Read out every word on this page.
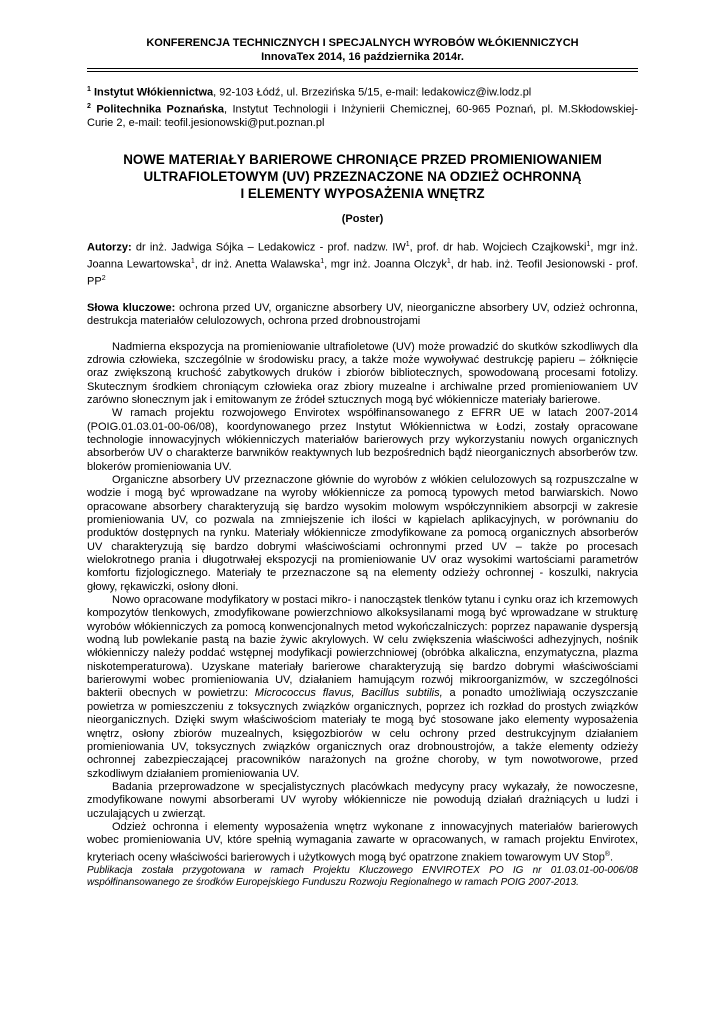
KONFERENCJA TECHNICZNYCH I SPECJALNYCH WYROBÓW WŁÓKIENNICZYCH
InnovaTex 2014, 16 października 2014r.
$^1$ Instytut Włókiennictwa, 92-103 Łódź, ul. Brzezińska 5/15, e-mail: ledakowicz@iw.lodz.pl
$^2$ Politechnika Poznańska, Instytut Technologii i Inżynierii Chemicznej, 60-965 Poznań, pl. M.Skłodowskiej-Curie 2, e-mail: teofil.jesionowski@put.poznan.pl
NOWE MATERIAŁY BARIEROWE CHRONIĄCE PRZED PROMIENIOWANIEM
ULTRAFIOLETOWYM (UV) PRZEZNACZONE NA ODZIEŻ OCHRONNĄ
I ELEMENTY WYPOSAŻENIA WNĘTRZ
(Poster)
Autorzy: dr inż. Jadwiga Sójka – Ledakowicz - prof. nadzw. $IW^1$, prof. dr hab. Wojciech Czajkowski$^1$, mgr inż. Joanna Lewartowska$^1$, dr inż. Anetta Walawska$^1$, mgr inż. Joanna Olczyk$^1$, dr hab. inż. Teofil Jesionowski - prof. $PP^2$
Słowa kluczowe: ochrona przed UV, organiczne absorbery UV, nieorganiczne absorbery UV, odzież ochronna, destrukcja materiałów celulozowych, ochrona przed drobnoustrojami

Nadmierna ekspozycja na promieniowanie ultrafioletowe (UV) może prowadzić do skutków szkodliwych dla zdrowia człowieka, szczególnie w środowisku pracy, a także może wywoływać destrukcję papieru – żółknięcie oraz zwiększoną kruchość zabytkowych druków i zbiorów bibliotecznych, spowodowaną procesami fotolizy. Skutecznym środkiem chroniącym człowieka oraz zbiory muzealne i archiwalne przed promieniowaniem UV zarówno słonecznym jak i emitowanym ze źródeł sztucznych mogą być włókiennicze materiały barierowe.

W ramach projektu rozwojowego Envirotex współfinansowanego z EFRR UE w latach 2007-2014 (POIG.01.03.01-00-06/08), koordynowanego przez Instytut Włókiennictwa w Łodzi, zostały opracowane technologie innowacyjnych włókienniczych materiałów barierowych przy wykorzystaniu nowych organicznych absorberów UV o charakterze barwników reaktywnych lub bezpośrednich bądź nieorganicznych absorberów tzw. blokerów promieniowania UV.

Organiczne absorbery UV przeznaczone głównie do wyrobów z włókien celulozowych są rozpuszczalne w wodzie i mogą być wprowadzane na wyroby włókiennicze za pomocą typowych metod barwiarskich. Nowo opracowane absorbery charakteryzują się bardzo wysokim molowym współczynnikiem absorpcji w zakresie promieniowania UV, co pozwala na zmniejszenie ich ilości w kąpielach aplikacyjnych, w porównaniu do produktów dostępnych na rynku. Materiały włókiennicze zmodyfikowane za pomocą organicznych absorberów UV charakteryzują się bardzo dobrymi właściwościami ochronnymi przed UV – także po procesach wielokrotnego prania i długotrwałej ekspozycji na promieniowanie UV oraz wysokimi wartościami parametrów komfortu fizjologicznego. Materiały te przeznaczone są na elementy odzieży ochronnej - koszulki, nakrycia głowy, rękawiczki, osłony dłoni.

Nowo opracowane modyfikatory w postaci mikro- i nanocząstek tlenków tytanu i cynku oraz ich krzemowych kompozytów tlenkowych, zmodyfikowane powierzchniowo alkoksysilanami mogą być wprowadzane w strukturę wyrobów włókienniczych za pomocą konwencjonalnych metod wykończalniczych: poprzez napawanie dyspersją wodną lub powlekanie pastą na bazie żywic akrylowych. W celu zwiększenia właściwości adhezyjnych, nośnik włókienniczy należy poddać wstępnej modyfikacji powierzchniowej (obróbka alkaliczna, enzymatyczna, plazma niskotemperaturowa). Uzyskane materiały barierowe charakteryzują się bardzo dobrymi właściwościami barierowymi wobec promieniowania UV, działaniem hamującym rozwój mikroorganizmów, w szczególności bakterii obecnych w powietrzu: Micrococcus flavus, Bacillus subtilis, a ponadto umożliwiają oczyszczanie powietrza w pomieszczeniu z toksycznych związków organicznych, poprzez ich rozkład do prostych związków nieorganicznych. Dzięki swym właściwościom materiały te mogą być stosowane jako elementy wyposażenia wnętrz, osłony zbiorów muzealnych, księgozbiorów w celu ochrony przed destrukcyjnym działaniem promieniowania UV, toksycznych związków organicznych oraz drobnoustrojów, a także elementy odzieży ochronnej zabezpieczającej pracowników narażonych na groźne choroby, w tym nowotworowe, przed szkodliwym działaniem promieniowania UV.

Badania przeprowadzone w specjalistycznych placówkach medycyny pracy wykazały, że nowoczesne, zmodyfikowane nowymi absorberami UV wyroby włókiennicze nie powodują działań drażniących u ludzi i uczulających u zwierząt.

Odzież ochronna i elementy wyposażenia wnętrz wykonane z innowacyjnych materiałów barierowych wobec promieniowania UV, które spełnią wymagania zawarte w opracowanych, w ramach projektu Envirotex, kryteriach oceny właściwości barierowych i użytkowych mogą być opatrzone znakiem towarowym UV Stop®.

Publikacja została przygotowana w ramach Projektu Kluczowego ENVIROTEX PO IG nr 01.03.01-00-006/08 współfinansowanego ze środków Europejskiego Funduszu Rozwoju Regionalnego w ramach POIG 2007-2013.
